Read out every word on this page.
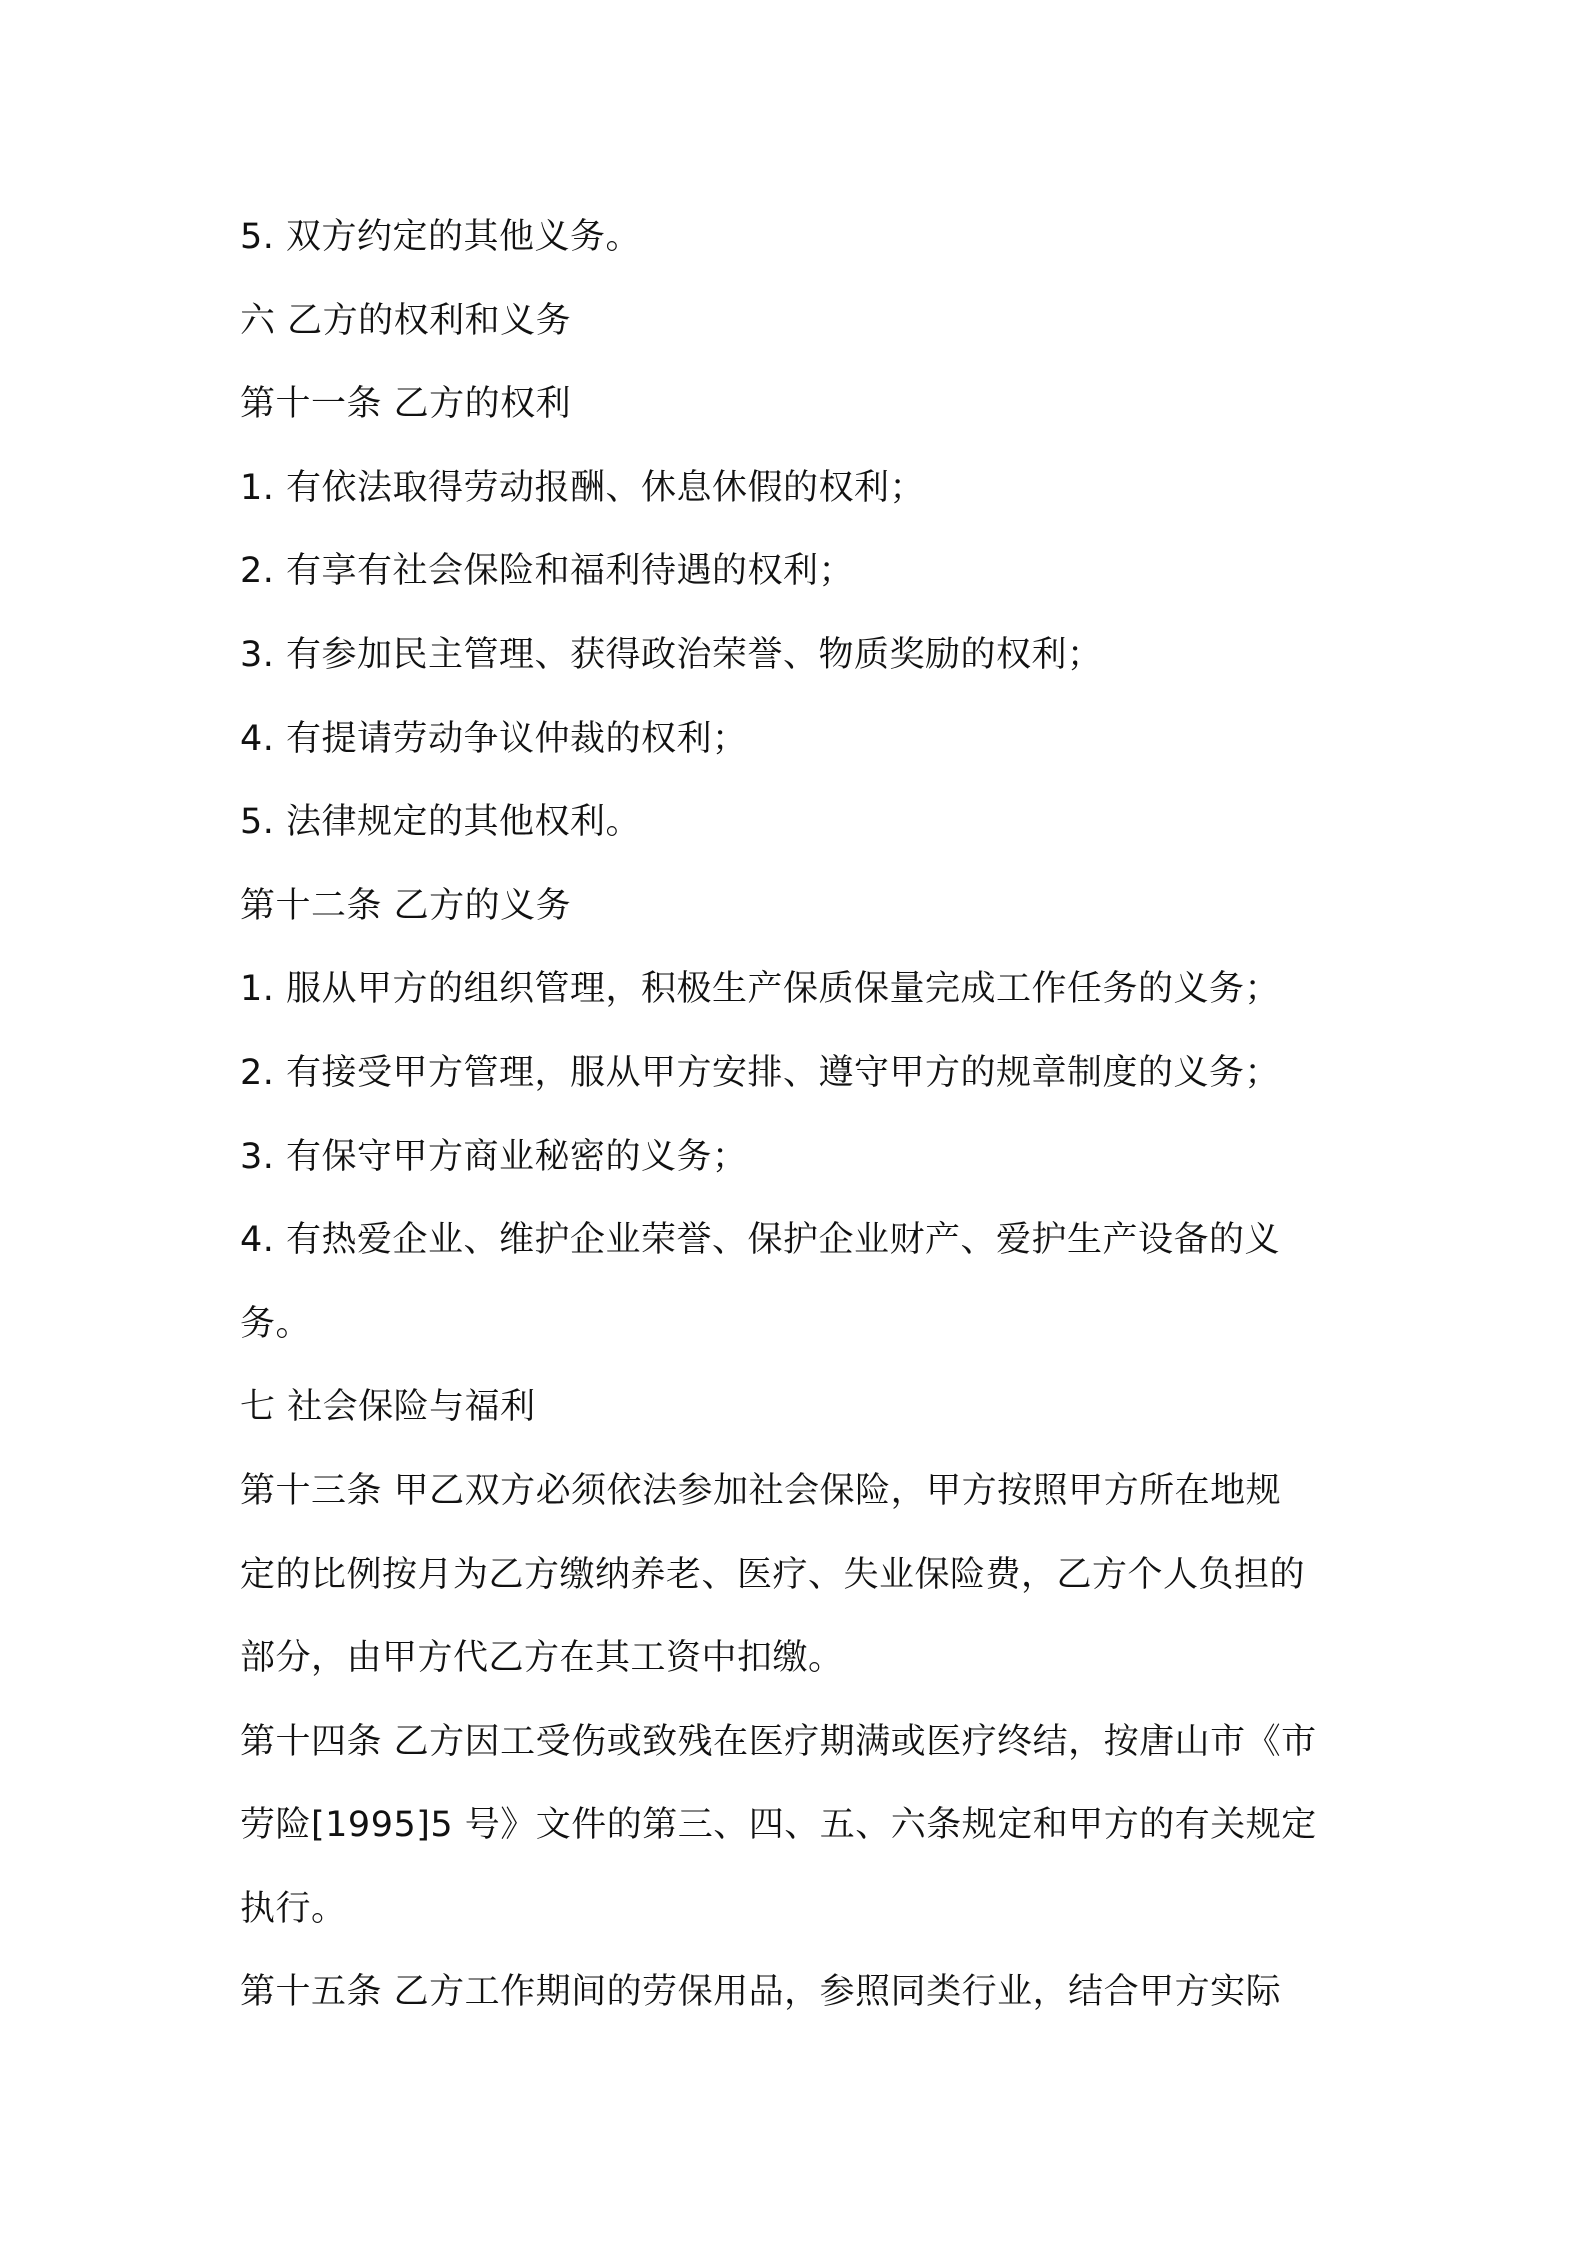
5. 双方约定的其他义务。
六 乙方的权利和义务
第十一条 乙方的权利
1. 有依法取得劳动报酬、休息休假的权利；
2. 有享有社会保险和福利待遇的权利；
3. 有参加民主管理、获得政治荣誉、物质奖励的权利；
4. 有提请劳动争议仲裁的权利；
5. 法律规定的其他权利。
第十二条 乙方的义务
1. 服从甲方的组织管理，积极生产保质保量完成工作任务的义务；
2. 有接受甲方管理，服从甲方安排、遵守甲方的规章制度的义务；
3. 有保守甲方商业秘密的义务；
4. 有热爱企业、维护企业荣誉、保护企业财产、爱护生产设备的义
务。
七 社会保险与福利
第十三条 甲乙双方必须依法参加社会保险，甲方按照甲方所在地规
定的比例按月为乙方缴纳养老、医疗、失业保险费，乙方个人负担的
部分，由甲方代乙方在其工资中扣缴。
第十四条 乙方因工受伤或致残在医疗期满或医疗终结，按唐山市《市
劳险[1995]5 号》文件的第三、四、五、六条规定和甲方的有关规定
执行。
第十五条 乙方工作期间的劳保用品，参照同类行业，结合甲方实际
